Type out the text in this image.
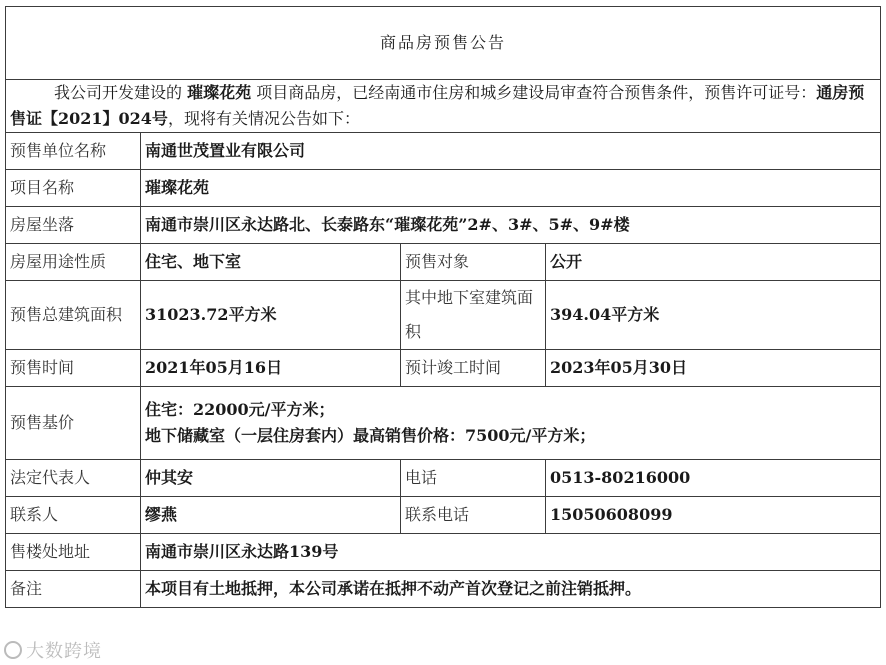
商品房预售公告			
我公司开发建设的 璀璨花苑 项目商品房，已经南通市住房和城乡建设局审查符合预售条件，预售许可证号：通房预售证【2021】024号，现将有关情况公告如下：			
预售单位名称	南通世茂置业有限公司		
项目名称	璀璨花苑		
房屋坐落	南通市崇川区永达路北、长泰路东“璀璨花苑”2#、3#、5#、9#楼		
房屋用途性质	住宅、地下室	预售对象	公开
预售总建筑面积	31023.72平方米	其中地下室建筑面积	394.04平方米
预售时间	2021年05月16日	预计竣工时间	2023年05月30日
预售基价	住宅：22000元/平方米；
地下储藏室（一层住房套内）最高销售价格：7500元/平方米；		

法定代表人	仲其安	电话	0513-80216000
联系人	缪燕	联系电话	15050608099
售楼处地址	南通市崇川区永达路139号		
备注	本项目有土地抵押，本公司承诺在抵押不动产首次登记之前注销抵押。		
大数跨境
